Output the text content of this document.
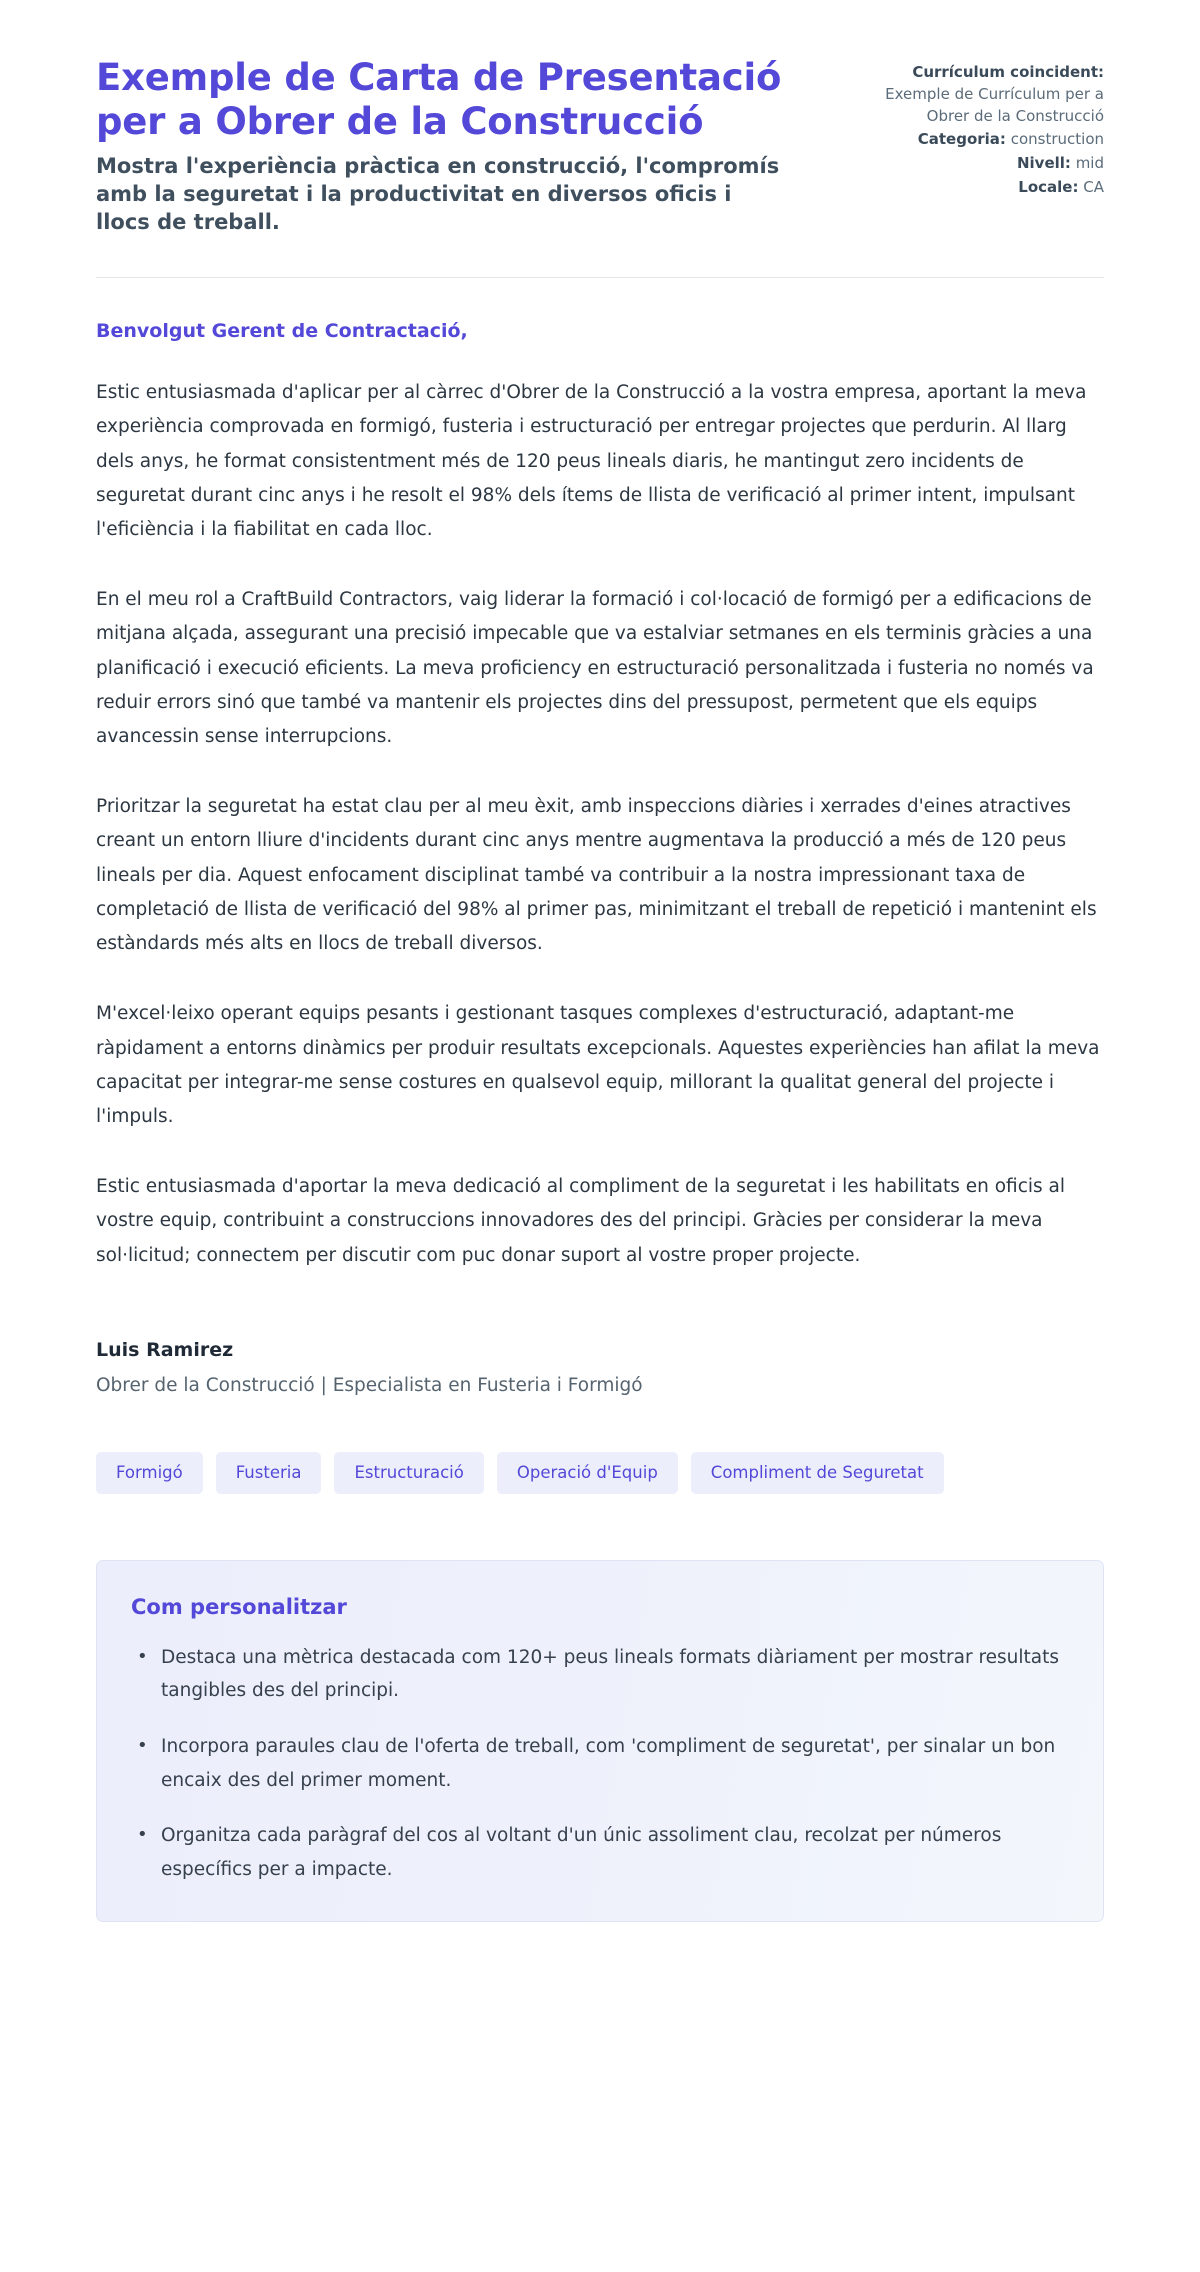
Exemple de Carta de Presentació per a Obrer de la Construcció

Mostra l'experiència pràctica en construcció, l'compromís amb la seguretat i la productivitat en diversos oficis i llocs de treball.

Currículum coincident:
Exemple de Currículum per a Obrer de la Construcció
Categoria: construction
Nivell: mid
Locale: CA

Benvolgut Gerent de Contractació,

Estic entusiasmada d'aplicar per al càrrec d'Obrer de la Construcció a la vostra empresa, aportant la meva experiència comprovada en formigó, fusteria i estructuració per entregar projectes que perdurin. Al llarg dels anys, he format consistentment més de 120 peus lineals diaris, he mantingut zero incidents de seguretat durant cinc anys i he resolt el 98% dels ítems de llista de verificació al primer intent, impulsant l'eficiència i la fiabilitat en cada lloc.

En el meu rol a CraftBuild Contractors, vaig liderar la formació i col·locació de formigó per a edificacions de mitjana alçada, assegurant una precisió impecable que va estalviar setmanes en els terminis gràcies a una planificació i execució eficients. La meva proficiency en estructuració personalitzada i fusteria no només va reduir errors sinó que també va mantenir els projectes dins del pressupost, permetent que els equips avancessin sense interrupcions.

Prioritzar la seguretat ha estat clau per al meu èxit, amb inspeccions diàries i xerrades d'eines atractives creant un entorn lliure d'incidents durant cinc anys mentre augmentava la producció a més de 120 peus lineals per dia. Aquest enfocament disciplinat també va contribuir a la nostra impressionant taxa de completació de llista de verificació del 98% al primer pas, minimitzant el treball de repetició i mantenint els estàndards més alts en llocs de treball diversos.

M'excel·leixo operant equips pesants i gestionant tasques complexes d'estructuració, adaptant-me ràpidament a entorns dinàmics per produir resultats excepcionals. Aquestes experiències han afilat la meva capacitat per integrar-me sense costures en qualsevol equip, millorant la qualitat general del projecte i l'impuls.

Estic entusiasmada d'aportar la meva dedicació al compliment de la seguretat i les habilitats en oficis al vostre equip, contribuint a construccions innovadores des del principi. Gràcies per considerar la meva sol·licitud; connectem per discutir com puc donar suport al vostre proper projecte.

Luis Ramirez

Obrer de la Construcció | Especialista en Fusteria i Formigó

Formigó	Fusteria	Estructuració	Operació d'Equip	Compliment de Seguretat
Com personalitzar
• Destaca una mètrica destacada com 120+ peus lineals formats diàriament per mostrar resultats tangibles des del principi.
• Incorpora paraules clau de l'oferta de treball, com 'compliment de seguretat', per sinalar un bon encaix des del primer moment.
• Organitza cada paràgraf del cos al voltant d'un únic assoliment clau, recolzat per números específics per a impacte.
